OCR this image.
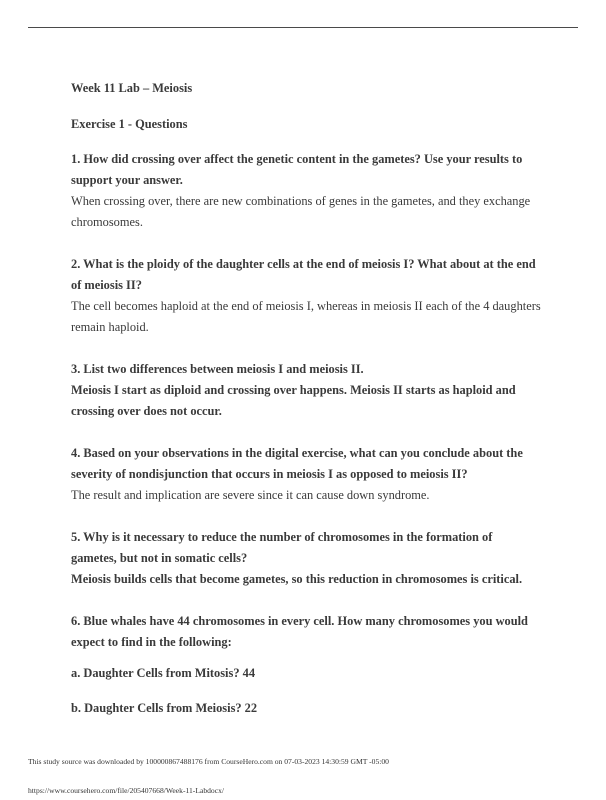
Week 11 Lab – Meiosis

Exercise 1 - Questions

1. How did crossing over affect the genetic content in the gametes? Use your results to support your answer.

When crossing over, there are new combinations of genes in the gametes, and they exchange chromosomes.

2. What is the ploidy of the daughter cells at the end of meiosis I? What about at the end of meiosis II?

The cell becomes haploid at the end of meiosis I, whereas in meiosis II each of the 4 daughters remain haploid.

3. List two differences between meiosis I and meiosis II.

Meiosis I start as diploid and crossing over happens. Meiosis II starts as haploid and crossing over does not occur.

4. Based on your observations in the digital exercise, what can you conclude about the severity of nondisjunction that occurs in meiosis I as opposed to meiosis II?

The result and implication are severe since it can cause down syndrome.

5. Why is it necessary to reduce the number of chromosomes in the formation of gametes, but not in somatic cells?

Meiosis builds cells that become gametes, so this reduction in chromosomes is critical.

6. Blue whales have 44 chromosomes in every cell. How many chromosomes you would expect to find in the following:

a. Daughter Cells from Mitosis? 44

b. Daughter Cells from Meiosis? 22

This study source was downloaded by 100000867488176 from CourseHero.com on 07-03-2023 14:30:59 GMT -05:00
https://www.coursehero.com/file/205407668/Week-11-Labdocx/
